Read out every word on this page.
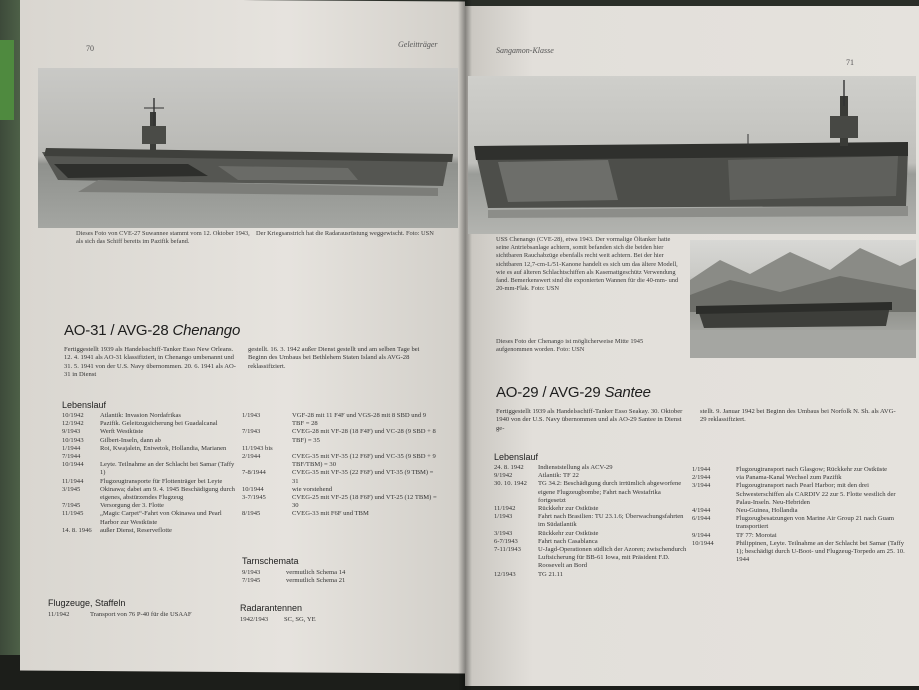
70	Geleitträger
Sangamon-Klasse
71
Dieses Foto von CVE-27 Suwannee stammt vom 12. Oktober 1943, als sich das Schiff bereits im Pazifik befand.
Der Kriegsanstrich hat die Radarausrüstung weggewischt. Foto: USN
USS Chenango (CVE-28), etwa 1943. Der vormalige Öltanker hatte seine Antriebsanlage achtern, somit befanden sich die beiden hier sichtbaren Rauchabzüge ebenfalls recht weit achtern. Bei der hier sichtbaren 12,7-cm-L/51-Kanone handelt es sich um das ältere Modell, wie es auf älteren Schlachtschiffen als Kasemattgeschütz Verwendung fand. Bemerkenswert sind die exponierten Wannen für die 40-mm- und 20-mm-Flak. Foto: USN
Dieses Foto der Chenango ist möglicherweise Mitte 1945 aufgenommen worden. Foto: USN
AO-31 / AVG-28 Chenango
Fertiggestellt 1939 als Handelsschiff-Tanker Esso New Orleans. 12. 4. 1941 als AO-31 klassifiziert, in Chenango umbenannt und 31. 5. 1941 von der U.S. Navy übernommen. 20. 6. 1941 als AO-31 in Dienst
gestellt. 16. 3. 1942 außer Dienst gestellt und am selben Tage bei Beginn des Umbaus bei Bethlehem Staten Island als AVG-28 reklassifiziert.
Lebenslauf
10/1942	Atlantik: Invasion Nordafrikas
12/1942	Pazifik. Geleitzugsicherung bei Guadalcanal
9/1943	Werft Westküste
10/1943	Gilbert-Inseln, dann ab
1/1944	Roi, Kwajalein, Eniwetok, Hollandia, Marianen
7/1944
10/1944	Leyte. Teilnahme an der Schlacht bei Samar (Taffy 1)
11/1944	Flugzeugtransporte für Flottenträger bei Leyte
3/1945	Okinawa; dabei am 9. 4. 1945 Beschädigung durch eigenes, abstürzendes Flugzeug
7/1945	Versorgung der 3. Flotte
11/1945	„Magic Carpet“-Fahrt von Okinawa und Pearl Harbor zur Westküste
14. 8. 1946	außer Dienst, Reserveflotte
1/1943	VGF-28 mit 11 F4F und VGS-28 mit 8 SBD und 9 TBF = 28
7/1943	CVEG-28 mit VF-28 (18 F4F) und VC-28 (9 SBD + 8 TBF) = 35
11/1943 bis
2/1944	CVEG-35 mit VF-35 (12 F6F) und VC-35 (9 SBD + 9 TBF/TBM) = 30
7-8/1944	CVEG-35 mit VF-35 (22 F6F) und VT-35 (9 TBM) = 31
10/1944	wie vorstehend
3-7/1945	CVEG-25 mit VF-25 (18 F6F) und VT-25 (12 TBM) = 30
8/1945	CVEG-33 mit F6F und TBM
Flugzeuge, Staffeln
11/1942	Transport von 76 P-40 für die USAAF
Tarnschemata
9/1943	vermutlich Schema 14
7/1945	vermutlich Schema 21
Radarantennen
1942/1943	SC, SG, YE
AO-29 / AVG-29 Santee
Fertiggestellt 1939 als Handelsschiff-Tanker Esso Seakay. 30. Oktober 1940 von der U.S. Navy übernommen und als AO-29 Santee in Dienst ge-
stellt. 9. Januar 1942 bei Beginn des Umbaus bei Norfolk N. Sh. als AVG-29 reklassifiziert.
Lebenslauf
24. 8. 1942	Indienststellung als ACV-29
9/1942	Atlantik: TF 22
30. 10. 1942	TG 34.2: Beschädigung durch irrtümlich abgeworfene eigene Flugzeugbombe; Fahrt nach Westafrika fortgesetzt
11/1942	Rückkehr zur Ostküste
1/1943	Fahrt nach Brasilien: TU 23.1.6; Überwachungsfahrten im Südatlantik
3/1943	Rückkehr zur Ostküste
6-7/1943	Fahrt nach Casablanca
7-11/1943	U-Jagd-Operationen südlich der Azoren; zwischendurch Luftsicherung für BB-61 Iowa, mit Präsident F.D. Roosevelt an Bord
12/1943	TG 21.11
1/1944	Flugzeugtransport nach Glasgow; Rückkehr zur Ostküste
2/1944	via Panama-Kanal Wechsel zum Pazifik
3/1944	Flugzeugtransport nach Pearl Harbor; mit den drei Schwesterschiffen als CARDIV 22 zur 5. Flotte westlich der Palau-Inseln. Neu-Hebriden
4/1944	Neu-Guinea, Hollandia
6/1944	Flugzeugbesatzungen von Marine Air Group 21 nach Guam transportiert
9/1944	TF 77: Morotai
10/1944	Philippinen, Leyte. Teilnahme an der Schlacht bei Samar (Taffy 1); beschädigt durch U-Boot- und Flugzeug-Torpedo am 25. 10. 1944
